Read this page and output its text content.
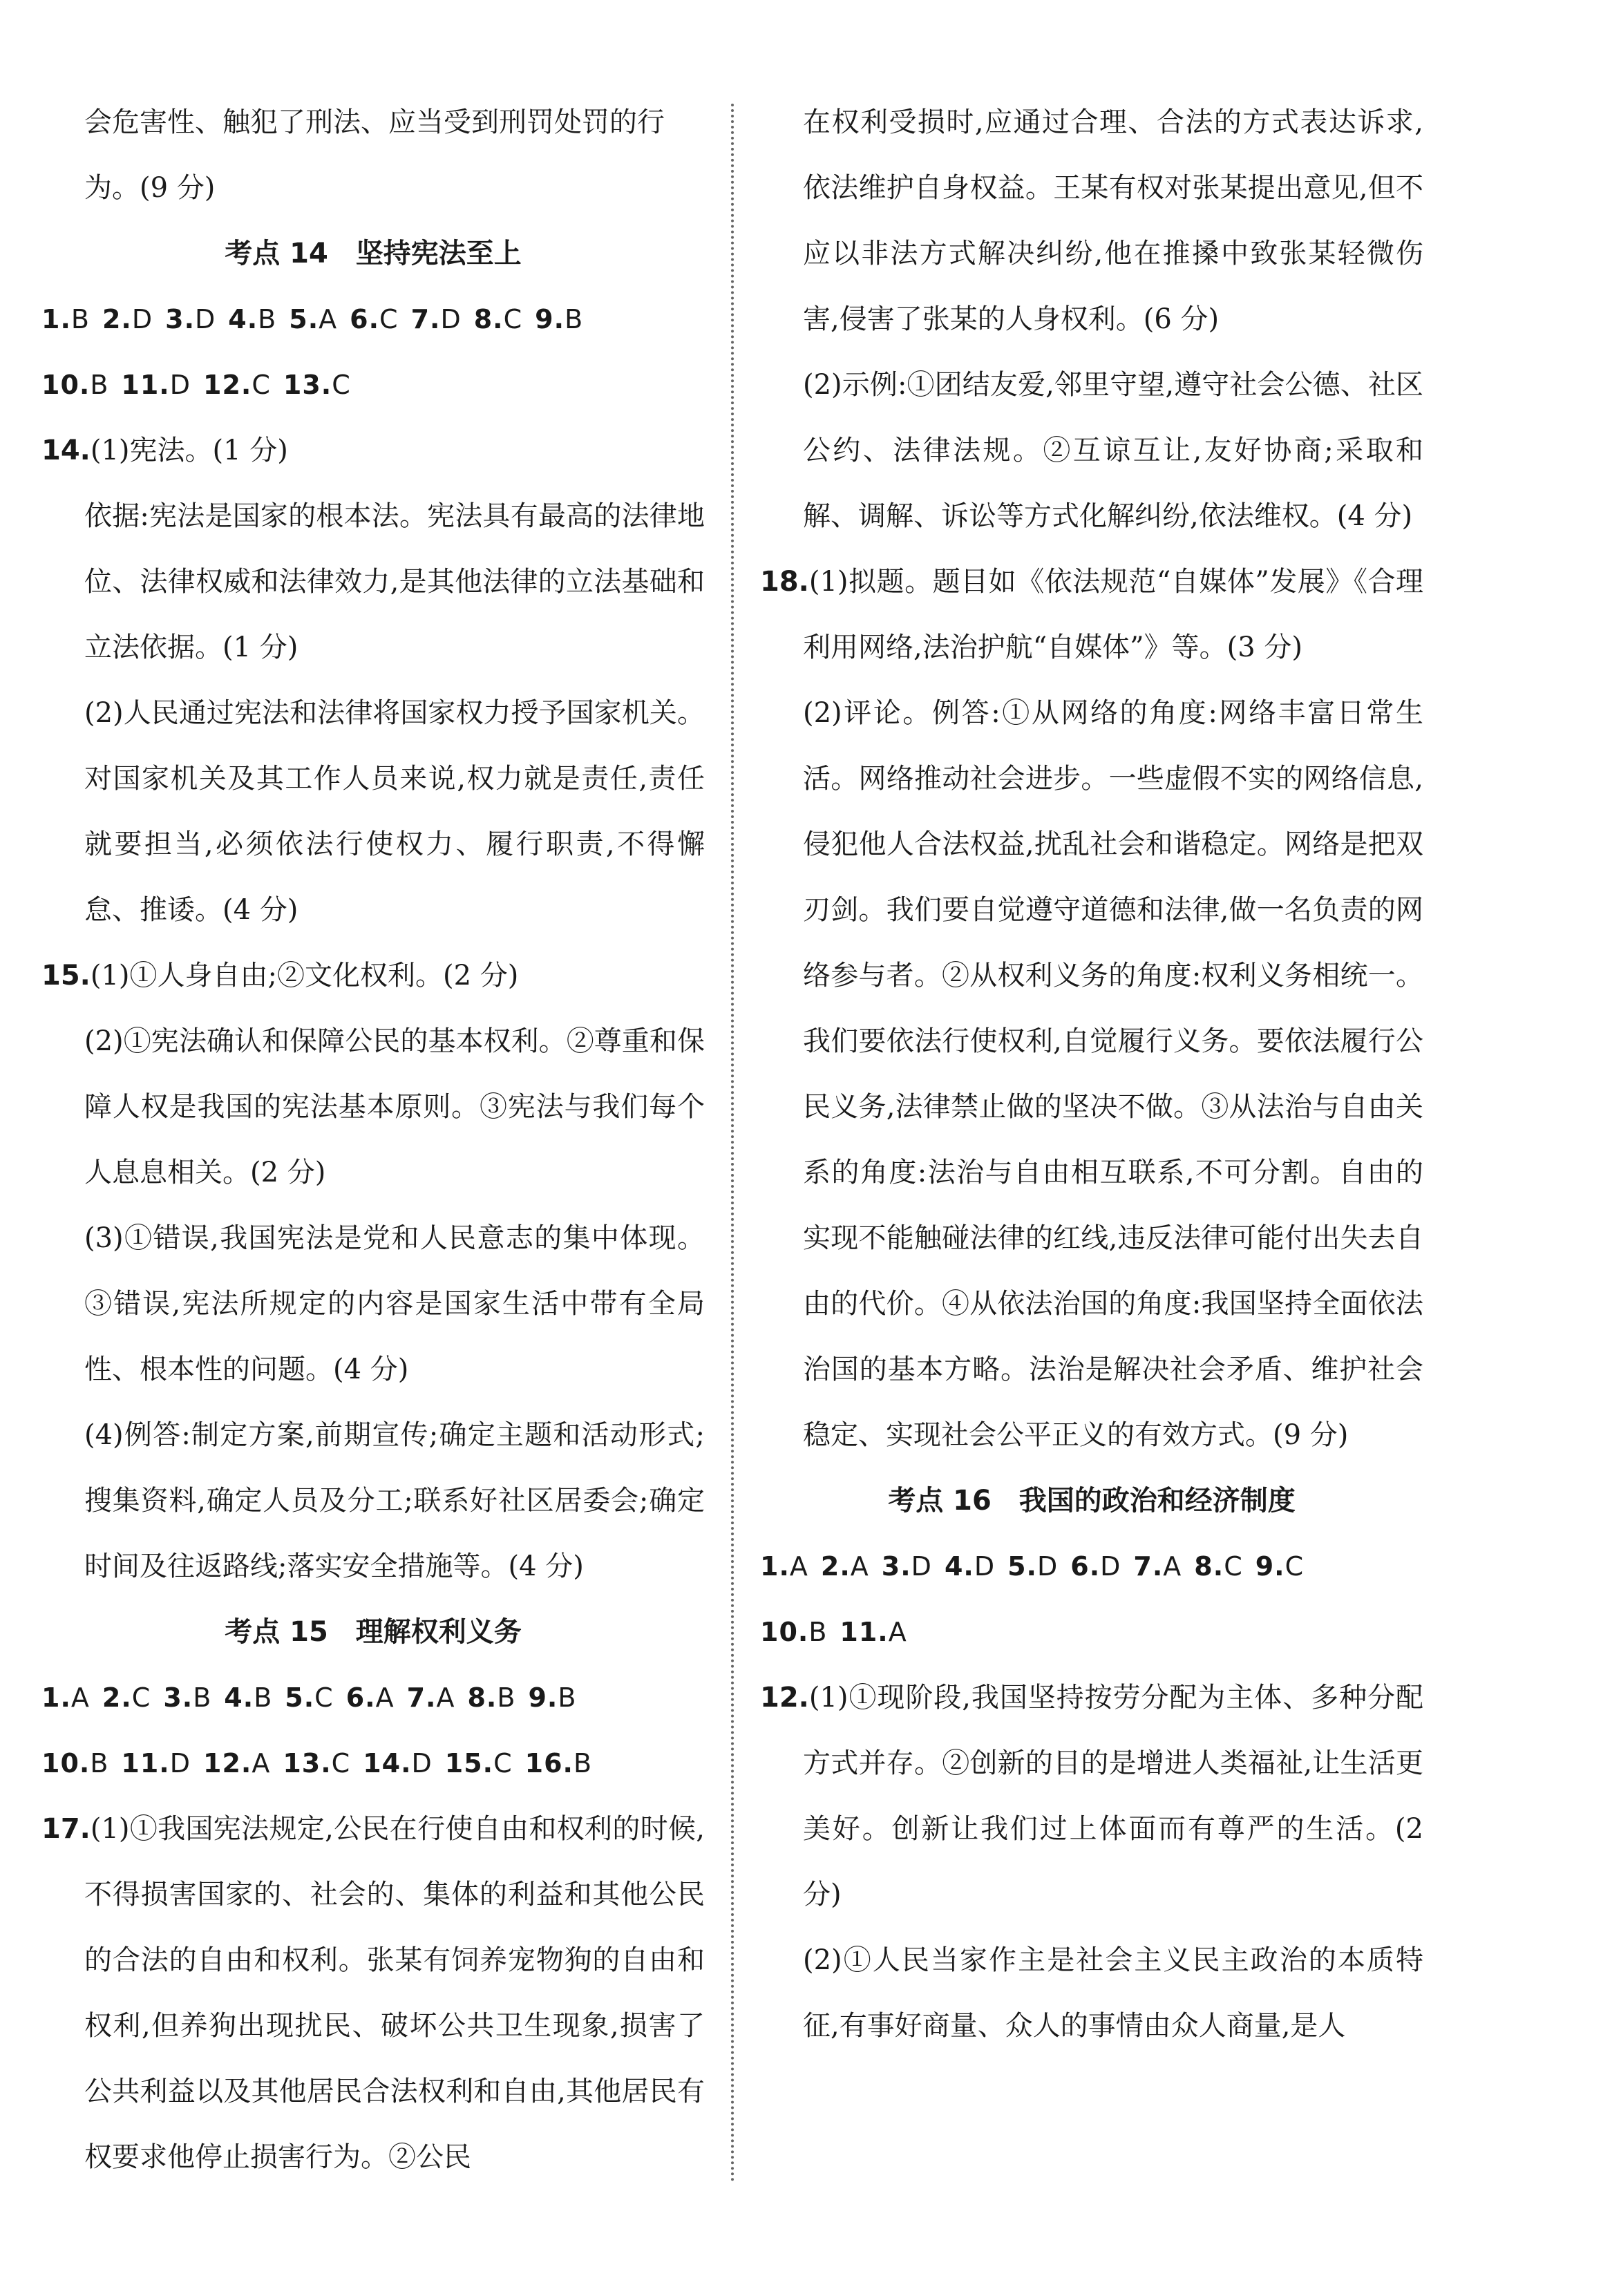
会危害性、触犯了刑法、应当受到刑罚处罚的行

为。(9 分)

考点 14　坚持宪法至上

1.B 2.D 3.D 4.B 5.A 6.C 7.D 8.C 9.B

10.B 11.D 12.C 13.C

14.(1)宪法。(1 分)

依据:宪法是国家的根本法。宪法具有最高的法律地位、法律权威和法律效力,是其他法律的立法基础和立法依据。(1 分)

(2)人民通过宪法和法律将国家权力授予国家机关。对国家机关及其工作人员来说,权力就是责任,责任就要担当,必须依法行使权力、履行职责,不得懈怠、推诿。(4 分)

15.(1)①人身自由;②文化权利。(2 分)

(2)①宪法确认和保障公民的基本权利。②尊重和保障人权是我国的宪法基本原则。③宪法与我们每个人息息相关。(2 分)

(3)①错误,我国宪法是党和人民意志的集中体现。③错误,宪法所规定的内容是国家生活中带有全局性、根本性的问题。(4 分)

(4)例答:制定方案,前期宣传;确定主题和活动形式;搜集资料,确定人员及分工;联系好社区居委会;确定时间及往返路线;落实安全措施等。(4 分)

考点 15　理解权利义务

1.A 2.C 3.B 4.B 5.C 6.A 7.A 8.B 9.B

10.B 11.D 12.A 13.C 14.D 15.C 16.B

17.(1)①我国宪法规定,公民在行使自由和权利的时候,不得损害国家的、社会的、集体的利益和其他公民的合法的自由和权利。张某有饲养宠物狗的自由和权利,但养狗出现扰民、破坏公共卫生现象,损害了公共利益以及其他居民合法权利和自由,其他居民有权要求他停止损害行为。②公民

在权利受损时,应通过合理、合法的方式表达诉求,依法维护自身权益。王某有权对张某提出意见,但不应以非法方式解决纠纷,他在推搡中致张某轻微伤害,侵害了张某的人身权利。(6 分)

(2)示例:①团结友爱,邻里守望,遵守社会公德、社区公约、法律法规。②互谅互让,友好协商;采取和解、调解、诉讼等方式化解纠纷,依法维权。(4 分)

18.(1)拟题。题目如《依法规范“自媒体”发展》《合理利用网络,法治护航“自媒体”》等。(3 分)

(2)评论。例答:①从网络的角度:网络丰富日常生活。网络推动社会进步。一些虚假不实的网络信息,侵犯他人合法权益,扰乱社会和谐稳定。网络是把双刃剑。我们要自觉遵守道德和法律,做一名负责的网络参与者。②从权利义务的角度:权利义务相统一。我们要依法行使权利,自觉履行义务。要依法履行公民义务,法律禁止做的坚决不做。③从法治与自由关系的角度:法治与自由相互联系,不可分割。自由的实现不能触碰法律的红线,违反法律可能付出失去自由的代价。④从依法治国的角度:我国坚持全面依法治国的基本方略。法治是解决社会矛盾、维护社会稳定、实现社会公平正义的有效方式。(9 分)

考点 16　我国的政治和经济制度

1.A 2.A 3.D 4.D 5.D 6.D 7.A 8.C 9.C

10.B 11.A

12.(1)①现阶段,我国坚持按劳分配为主体、多种分配方式并存。②创新的目的是增进人类福祉,让生活更美好。创新让我们过上体面而有尊严的生活。(2 分)

(2)①人民当家作主是社会主义民主政治的本质特征,有事好商量、众人的事情由众人商量,是人
